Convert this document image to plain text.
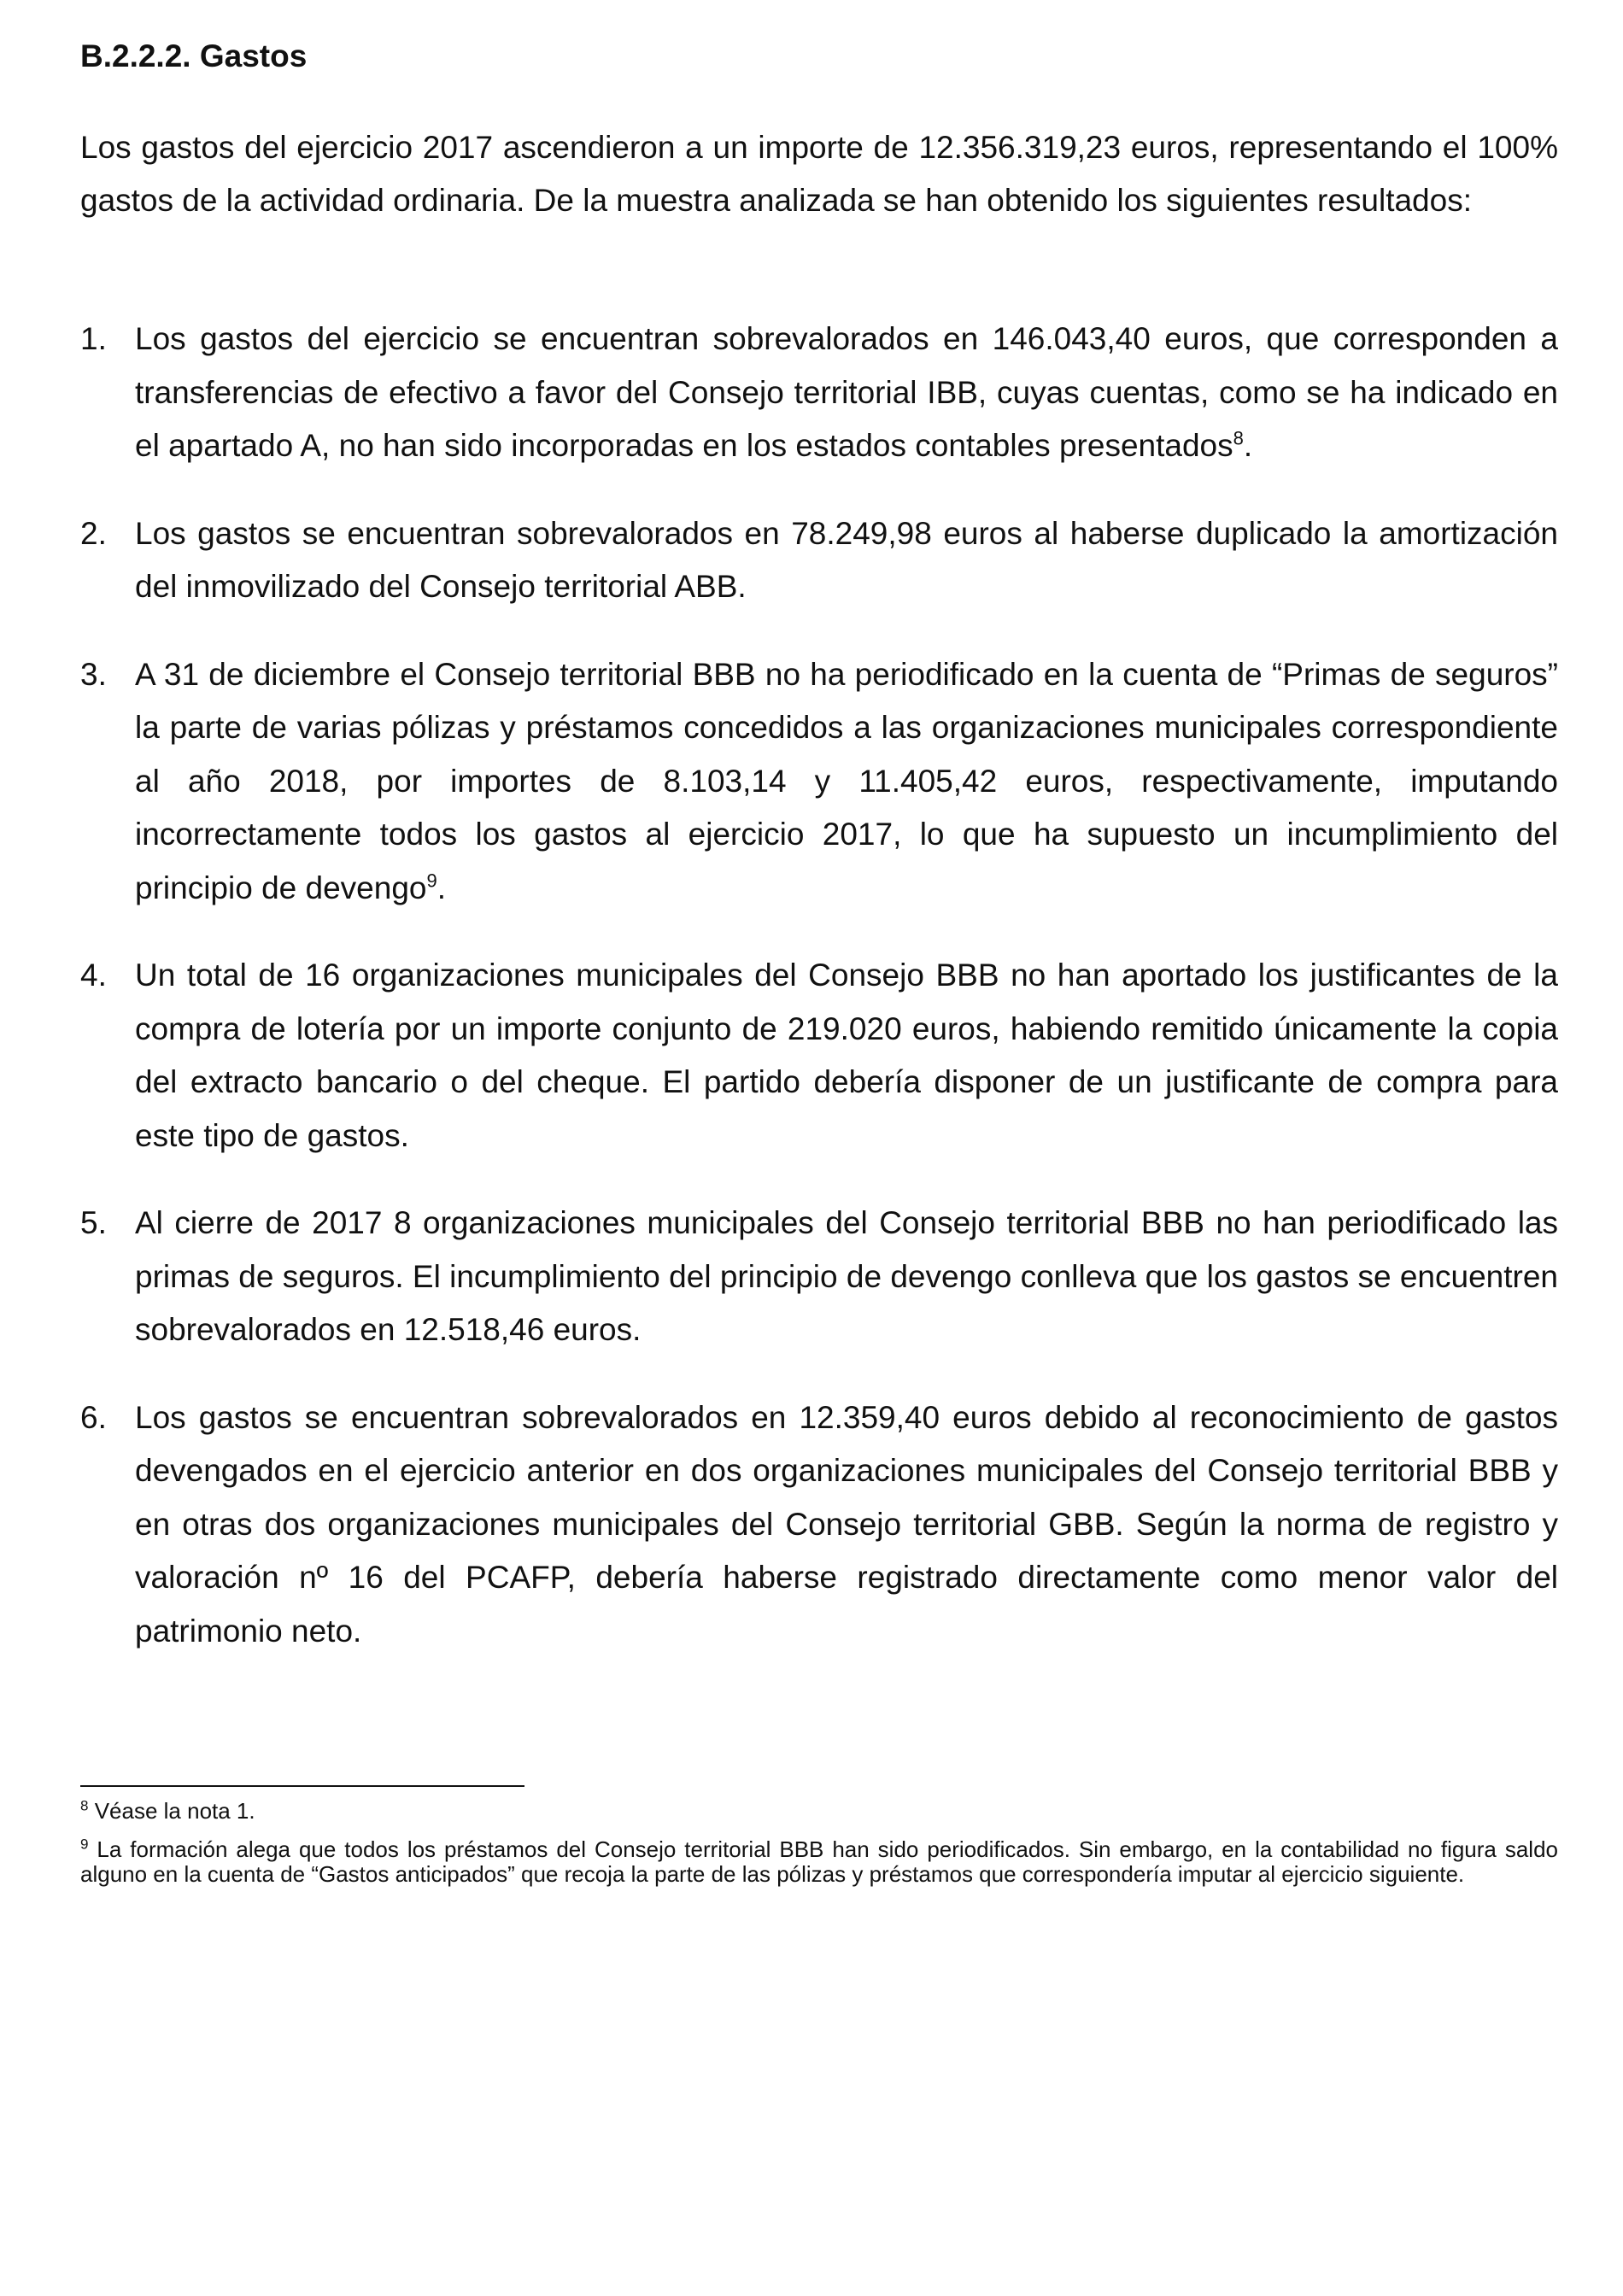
B.2.2.2. Gastos

Los gastos del ejercicio 2017 ascendieron a un importe de 12.356.319,23 euros, representando el 100% gastos de la actividad ordinaria. De la muestra analizada se han obtenido los siguientes resultados:

1. Los gastos del ejercicio se encuentran sobrevalorados en 146.043,40 euros, que corresponden a transferencias de efectivo a favor del Consejo territorial IBB, cuyas cuentas, como se ha indicado en el apartado A, no han sido incorporadas en los estados contables presentados$^8$.
2. Los gastos se encuentran sobrevalorados en 78.249,98 euros al haberse duplicado la amortización del inmovilizado del Consejo territorial ABB.
3. A 31 de diciembre el Consejo territorial BBB no ha periodificado en la cuenta de “Primas de seguros” la parte de varias pólizas y préstamos concedidos a las organizaciones municipales correspondiente al año 2018, por importes de 8.103,14 y 11.405,42 euros, respectivamente, imputando incorrectamente todos los gastos al ejercicio 2017, lo que ha supuesto un incumplimiento del principio de devengo$^9$.
4. Un total de 16 organizaciones municipales del Consejo BBB no han aportado los justificantes de la compra de lotería por un importe conjunto de 219.020 euros, habiendo remitido únicamente la copia del extracto bancario o del cheque. El partido debería disponer de un justificante de compra para este tipo de gastos.
5. Al cierre de 2017 8 organizaciones municipales del Consejo territorial BBB no han periodificado las primas de seguros. El incumplimiento del principio de devengo conlleva que los gastos se encuentren sobrevalorados en 12.518,46 euros.
6. Los gastos se encuentran sobrevalorados en 12.359,40 euros debido al reconocimiento de gastos devengados en el ejercicio anterior en dos organizaciones municipales del Consejo territorial BBB y en otras dos organizaciones municipales del Consejo territorial GBB. Según la norma de registro y valoración nº 16 del PCAFP, debería haberse registrado directamente como menor valor del patrimonio neto.

$^8$ Véase la nota 1.

$^9$ La formación alega que todos los préstamos del Consejo territorial BBB han sido periodificados. Sin embargo, en la contabilidad no figura saldo alguno en la cuenta de “Gastos anticipados” que recoja la parte de las pólizas y préstamos que correspondería imputar al ejercicio siguiente.
